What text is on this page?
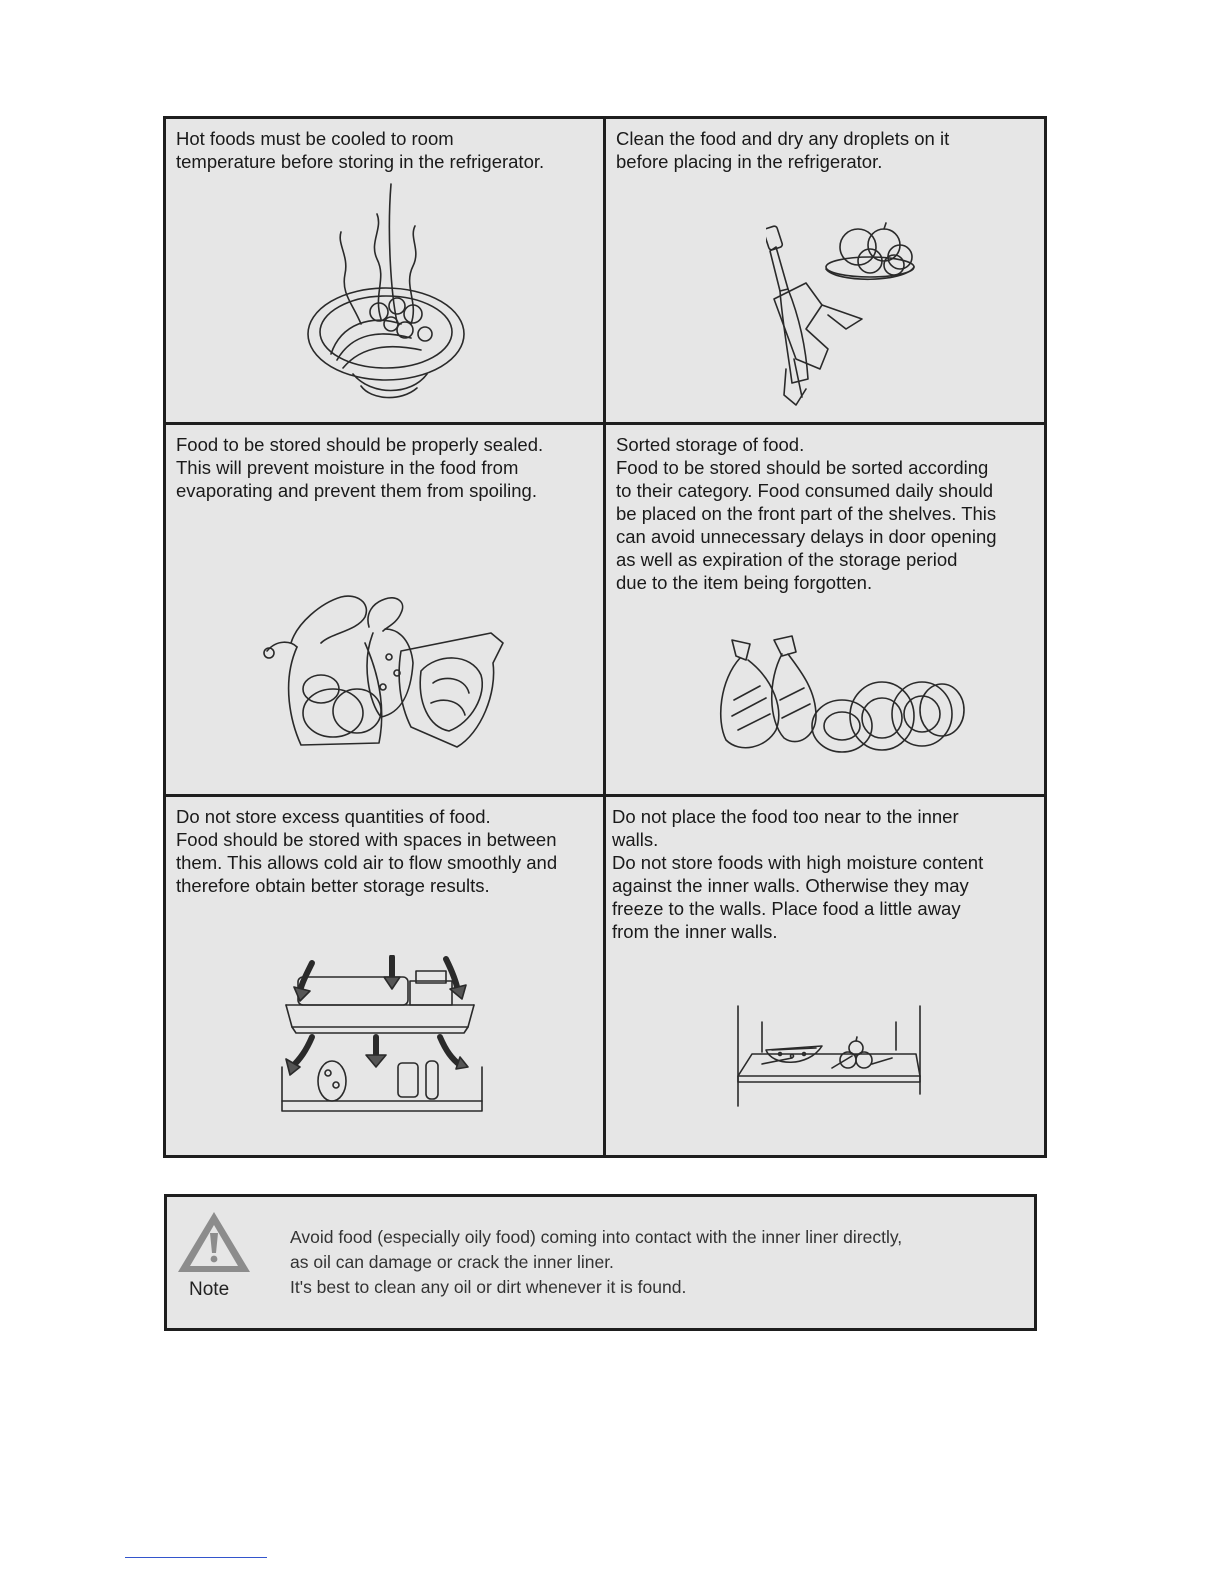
Hot foods must be cooled to room
temperature before storing in the refrigerator.

Clean the food and dry any droplets on it
before placing in the refrigerator.

Food to be stored should be properly sealed.
This will prevent moisture in the food from
evaporating and prevent them from spoiling.

Sorted storage of food.
Food to be stored should be sorted according
to their category. Food consumed daily should
be placed on the front part of the shelves. This
can avoid unnecessary delays in door opening
as well as expiration of the storage period
due to the item being forgotten.

Do not store excess quantities of food.
Food should be stored with spaces in between
them. This allows cold air to flow smoothly and
therefore obtain better storage results.

Do not place the food too near to the inner
walls.
Do not store foods with high moisture content
against the inner walls. Otherwise they may
freeze to the walls. Place food a little away
from the inner walls.

Note

Avoid food (especially oily food) coming into contact with the inner liner directly,
as oil can damage or crack the inner liner.
It's best to clean any oil or dirt whenever it is found.
